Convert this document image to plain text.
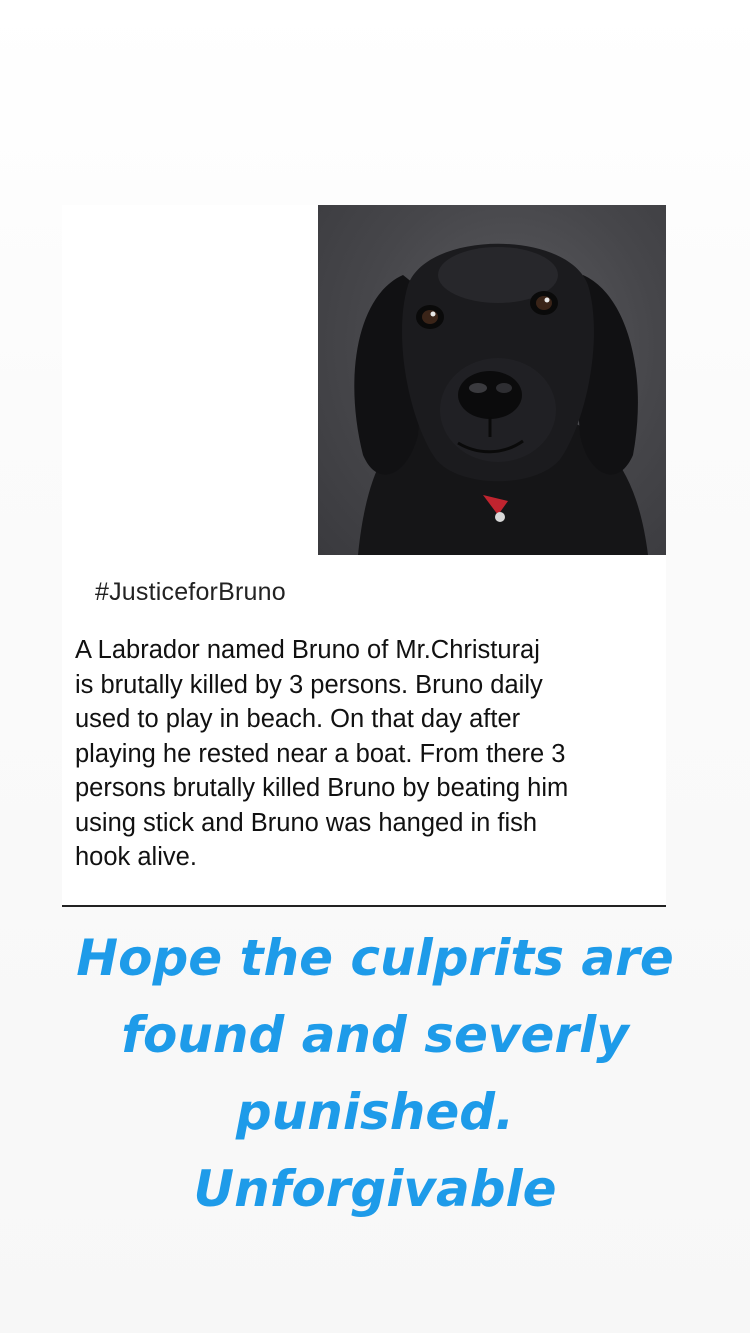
#JusticeforBruno

A Labrador named Bruno of Mr.Christuraj
is brutally killed by 3 persons. Bruno daily
used to play in beach. On that day after
playing he rested near a boat. From there 3
persons brutally killed Bruno by beating him
using stick and Bruno was hanged in fish
hook alive.

Hope the culprits are
found and severly
punished.
Unforgivable
